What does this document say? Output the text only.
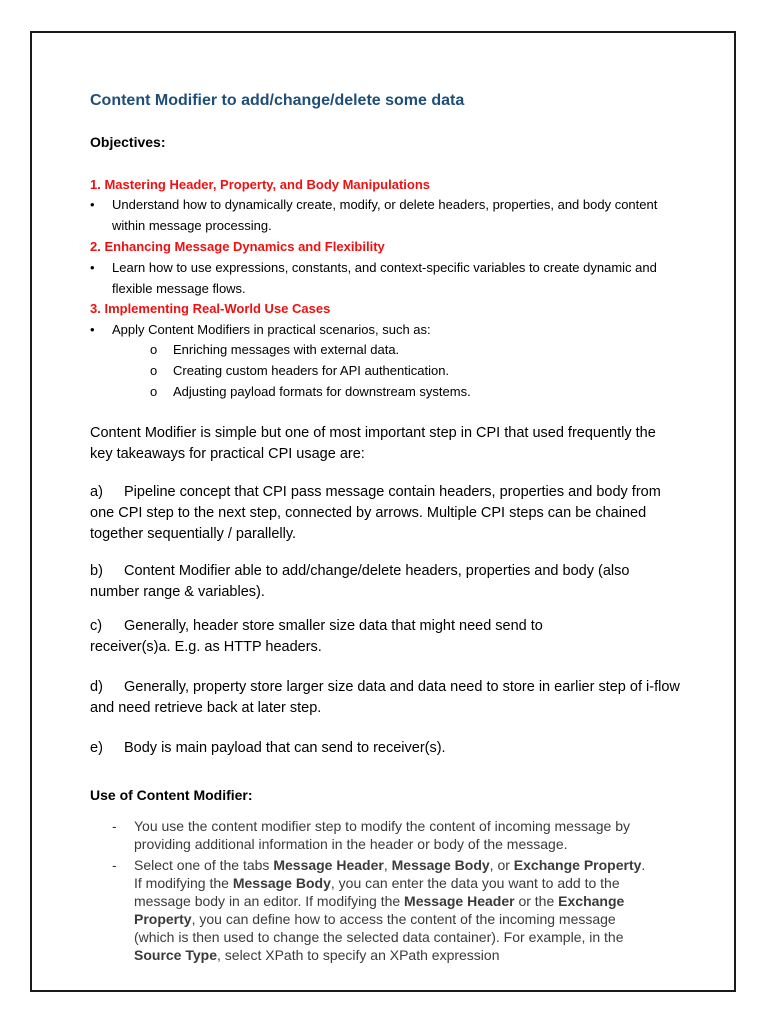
Content Modifier to add/change/delete some data
Objectives:
1. Mastering Header, Property, and Body Manipulations
• Understand how to dynamically create, modify, or delete headers, properties, and body content within message processing.
2. Enhancing Message Dynamics and Flexibility
• Learn how to use expressions, constants, and context-specific variables to create dynamic and flexible message flows.
3. Implementing Real-World Use Cases
• Apply Content Modifiers in practical scenarios, such as:
o Enriching messages with external data.
o Creating custom headers for API authentication.
o Adjusting payload formats for downstream systems.
Content Modifier is simple but one of most important step in CPI that used frequently the key takeaways for practical CPI usage are:
a) Pipeline concept that CPI pass message contain headers, properties and body from one CPI step to the next step, connected by arrows. Multiple CPI steps can be chained together sequentially / parallelly.
b) Content Modifier able to add/change/delete headers, properties and body (also number range & variables).
c) Generally, header store smaller size data that might need send to receiver(s)a. E.g. as HTTP headers.
d) Generally, property store larger size data and data need to store in earlier step of i-flow and need retrieve back at later step.
e) Body is main payload that can send to receiver(s).
Use of Content Modifier:
- You use the content modifier step to modify the content of incoming message by providing additional information in the header or body of the message.
- Select one of the tabs Message Header, Message Body, or Exchange Property. If modifying the Message Body, you can enter the data you want to add to the message body in an editor. If modifying the Message Header or the Exchange Property, you can define how to access the content of the incoming message (which is then used to change the selected data container). For example, in the Source Type, select XPath to specify an XPath expression
